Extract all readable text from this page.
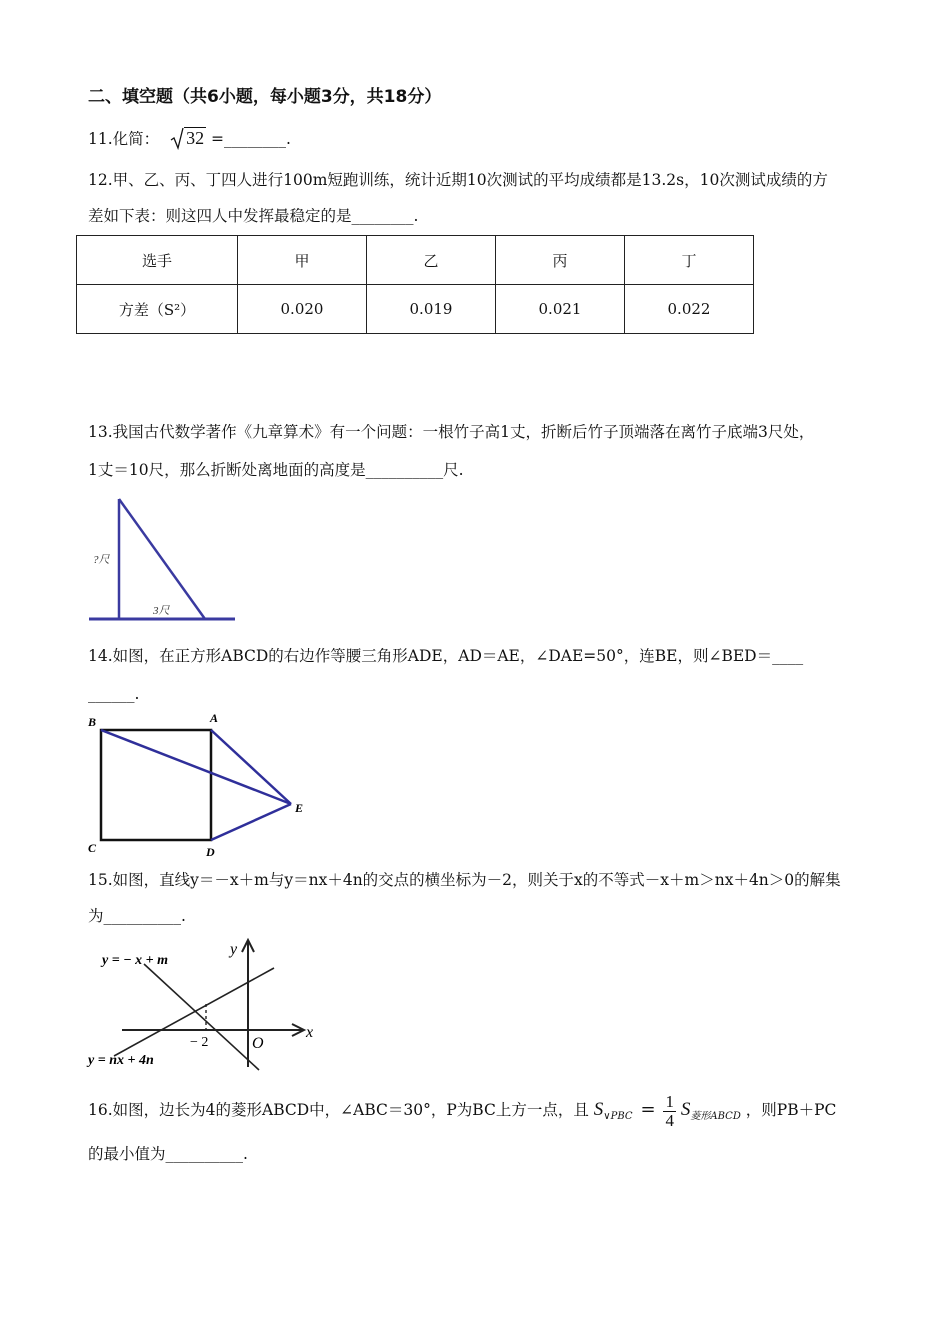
二、填空题（共6小题，每小题3分，共18分）
11.化简： 32 =________.
12.甲、乙、丙、丁四人进行100m短跑训练，统计近期10次测试的平均成绩都是13.2s，10次测试成绩的方
差如下表：则这四人中发挥最稳定的是________.
选手	甲	乙	丙	丁
方差（S²）	0.020	0.019	0.021	0.022
13.我国古代数学著作《九章算术》有一个问题：一根竹子高1丈，折断后竹子顶端落在离竹子底端3尺处，
1丈＝10尺，那么折断处离地面的高度是__________尺.
?尺
3尺
14.如图，在正方形ABCD的右边作等腰三角形ADE，AD＝AE，∠DAE=50°，连BE，则∠BED＝____
______.
B	A
C	D
E
15.如图，直线y＝－x＋m与y＝nx＋4n的交点的横坐标为－2，则关于x的不等式－x＋m＞nx＋4n＞0的解集
为__________.
x
y
− 2	O
y = − x + m
y = nx + 4n
16.如图，边长为4的菱形ABCD中，∠ABC＝30°，P为BC上方一点，且 $S_{\vee PBC} = \frac{1}{4} S_{菱形ABCD}$ ，则PB＋PC
的最小值为__________.
